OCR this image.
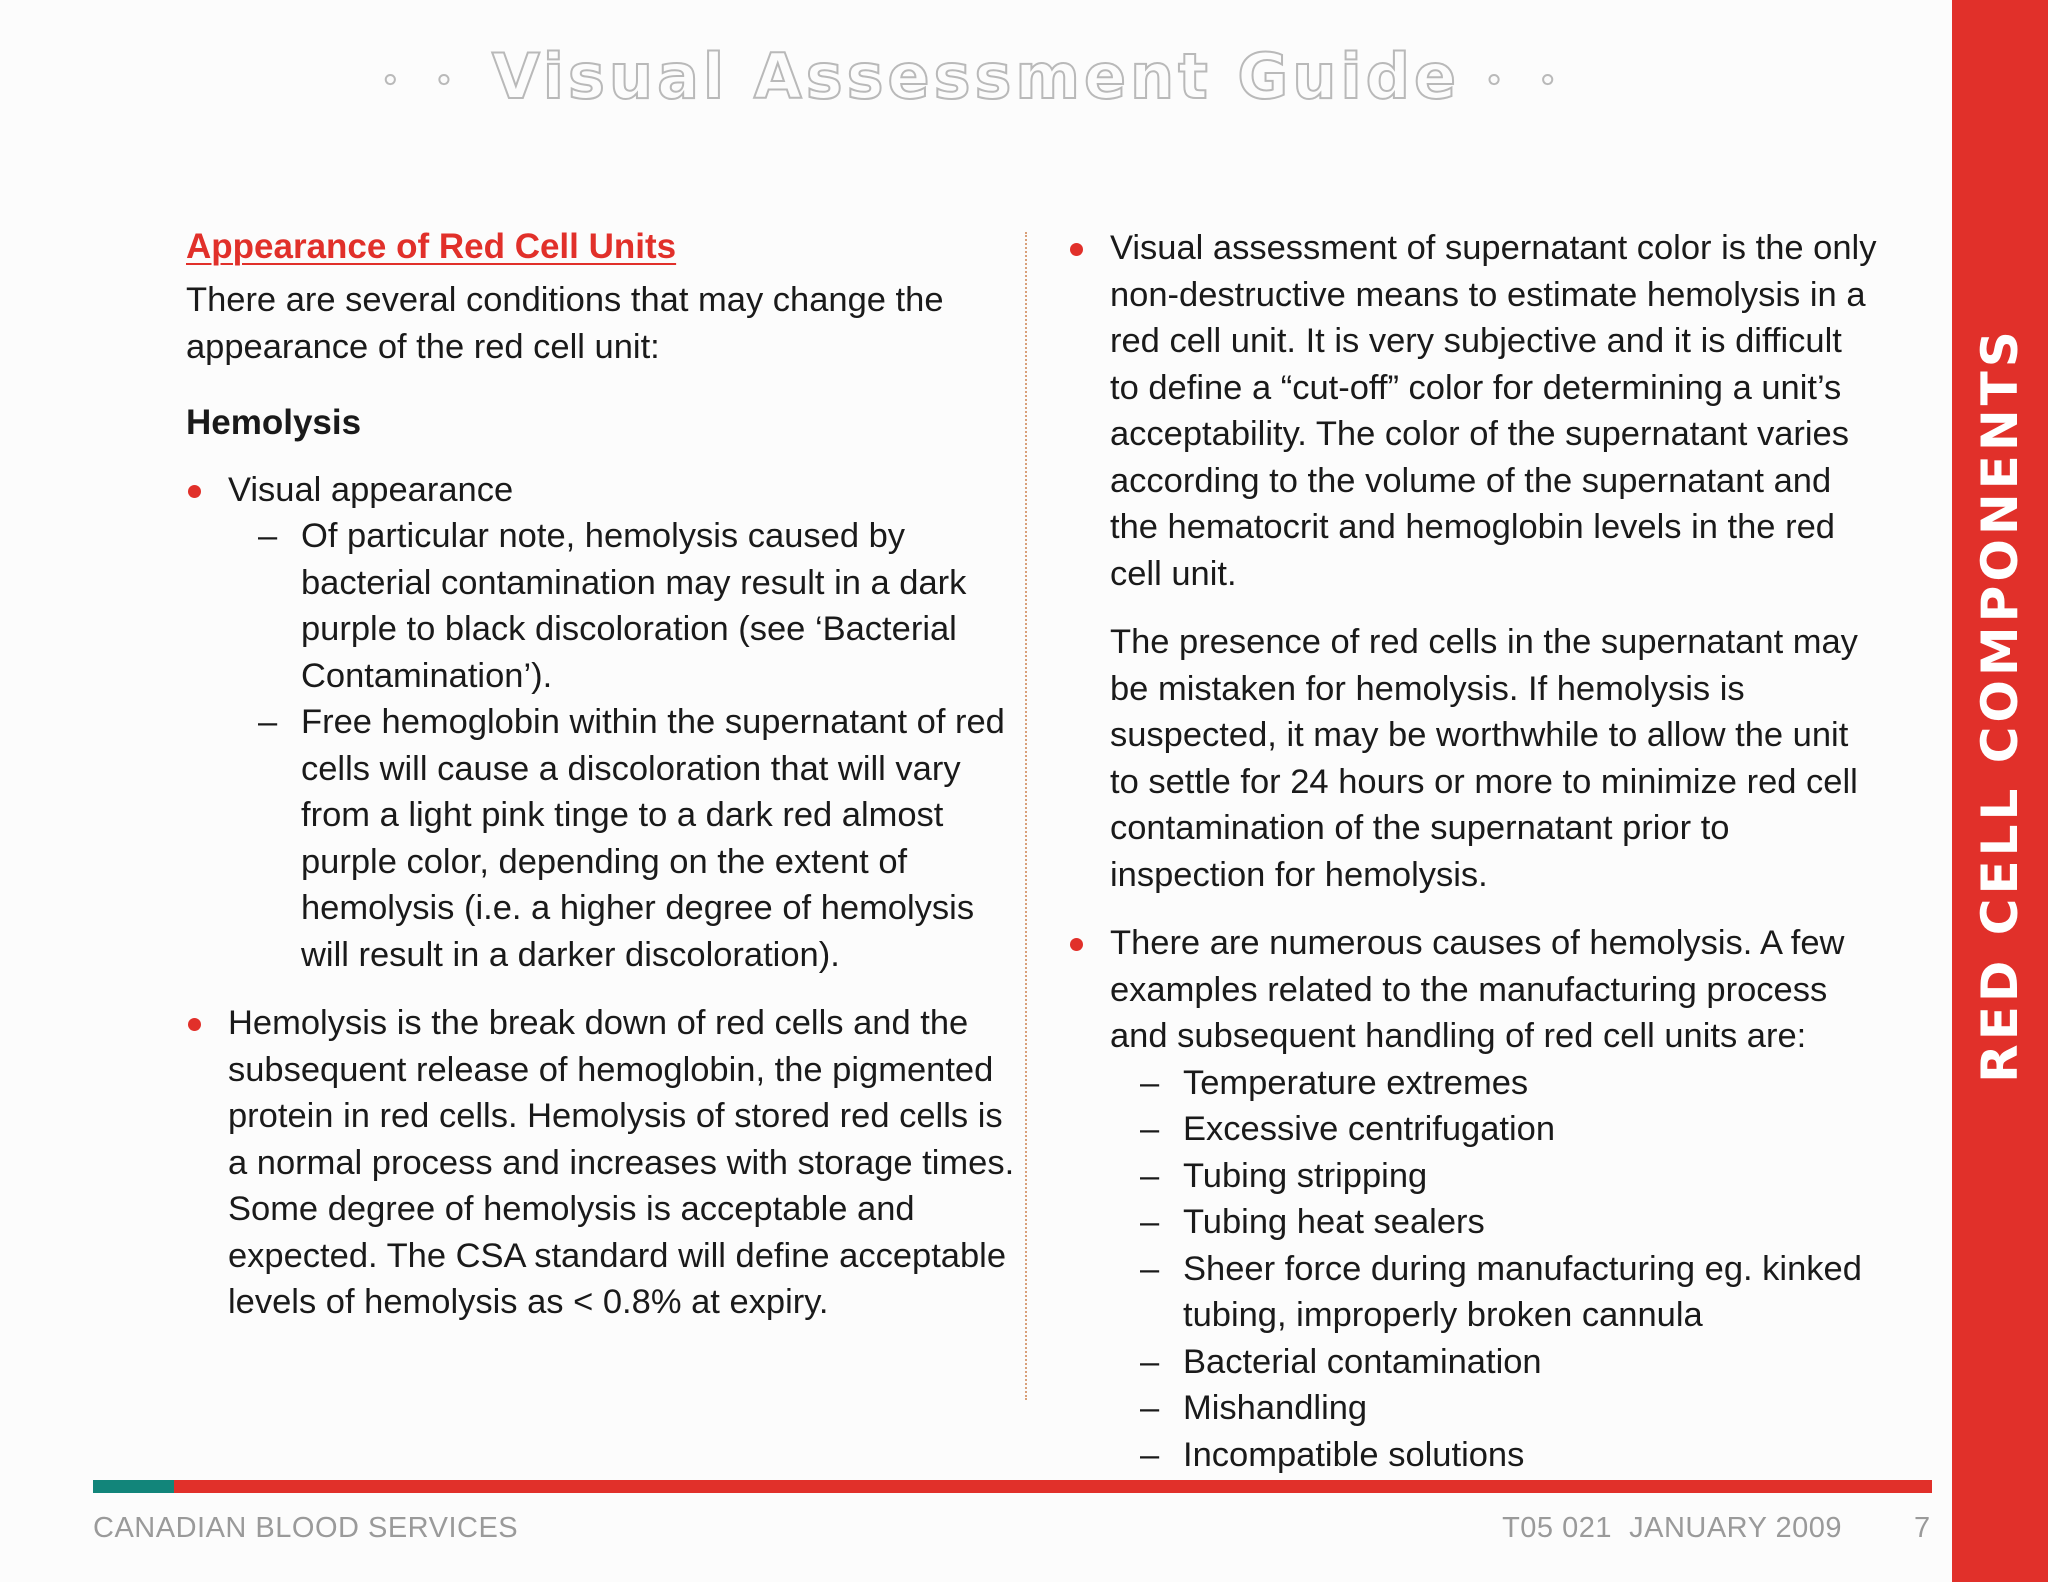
• • Visual Assessment Guide • •
Appearance of Red Cell Units

There are several conditions that may change the appearance of the red cell unit:

Hemolysis
Visual appearance
– Of particular note, hemolysis caused by bacterial contamination may result in a dark purple to black discoloration (see ‘Bacterial Contamination’).
– Free hemoglobin within the supernatant of red cells will cause a discoloration that will vary from a light pink tinge to a dark red almost purple color, depending on the extent of hemolysis (i.e. a higher degree of hemolysis will result in a darker discoloration).
Hemolysis is the break down of red cells and the subsequent release of hemoglobin, the pigmented protein in red cells. Hemolysis of stored red cells is a normal process and increases with storage times. Some degree of hemolysis is acceptable and expected. The CSA standard will define acceptable levels of hemolysis as < 0.8% at expiry.

Visual assessment of supernatant color is the only non-destructive means to estimate hemolysis in a red cell unit. It is very subjective and it is difficult to define a “cut-off” color for determining a unit’s acceptability. The color of the supernatant varies according to the volume of the supernatant and the hematocrit and hemoglobin levels in the red cell unit.

The presence of red cells in the supernatant may be mistaken for hemolysis. If hemolysis is suspected, it may be worthwhile to allow the unit to settle for 24 hours or more to minimize red cell contamination of the supernatant prior to inspection for hemolysis.

There are numerous causes of hemolysis. A few examples related to the manufacturing process and subsequent handling of red cell units are:
– Temperature extremes
– Excessive centrifugation
– Tubing stripping
– Tubing heat sealers
– Sheer force during manufacturing eg. kinked tubing, improperly broken cannula
– Bacterial contamination
– Mishandling
– Incompatible solutions
CANADIAN BLOOD SERVICES	T05 021  JANUARY 2009 7
RED CELL COMPONENTS
